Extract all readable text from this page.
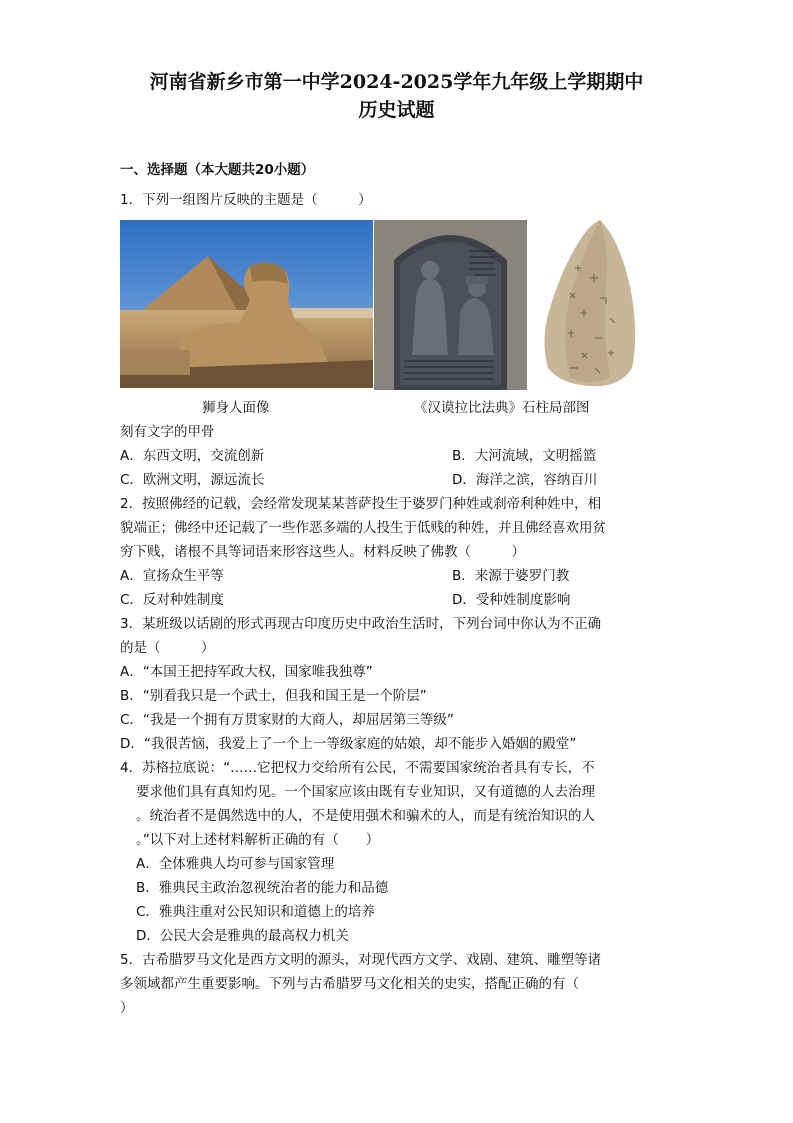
河南省新乡市第一中学2024-2025学年九年级上学期期中
历史试题
一、选择题（本大题共20小题）
1．下列一组图片反映的主题是（　　　）
狮身人面像	《汉谟拉比法典》石柱局部图
刻有文字的甲骨
A．东西文明，交流创新	B．大河流域，文明摇篮
C．欧洲文明，源远流长	D．海洋之滨，容纳百川
2．按照佛经的记载，会经常发现某某菩萨投生于婆罗门种姓或刹帝利种姓中，相
貌端正；佛经中还记载了一些作恶多端的人投生于低贱的种姓，并且佛经喜欢用贫
穷下贱，诸根不具等词语来形容这些人。材料反映了佛教（　　　）
A．宣扬众生平等	B．来源于婆罗门教
C．反对种姓制度	D．受种姓制度影响
3．某班级以话剧的形式再现古印度历史中政治生活时，下列台词中你认为不正确
的是（　　　）
A．“本国王把持军政大权，国家唯我独尊”
B．“别看我只是一个武士，但我和国王是一个阶层”
C．“我是一个拥有万贯家财的大商人，却屈居第三等级”
D．“我很苦恼，我爱上了一个上一等级家庭的姑娘，却不能步入婚姻的殿堂”
4．苏格拉底说：“……它把权力交给所有公民，不需要国家统治者具有专长，不
要求他们具有真知灼见。一个国家应该由既有专业知识，又有道德的人去治理
。统治者不是偶然选中的人，不是使用强术和骗术的人，而是有统治知识的人
。”以下对上述材料解析正确的有（　　）
A．全体雅典人均可参与国家管理
B．雅典民主政治忽视统治者的能力和品德
C．雅典注重对公民知识和道德上的培养
D．公民大会是雅典的最高权力机关
5．古希腊罗马文化是西方文明的源头，对现代西方文学、戏剧、建筑、雕塑等诸
多领域都产生重要影响。下列与古希腊罗马文化相关的史实，搭配正确的有（
）
